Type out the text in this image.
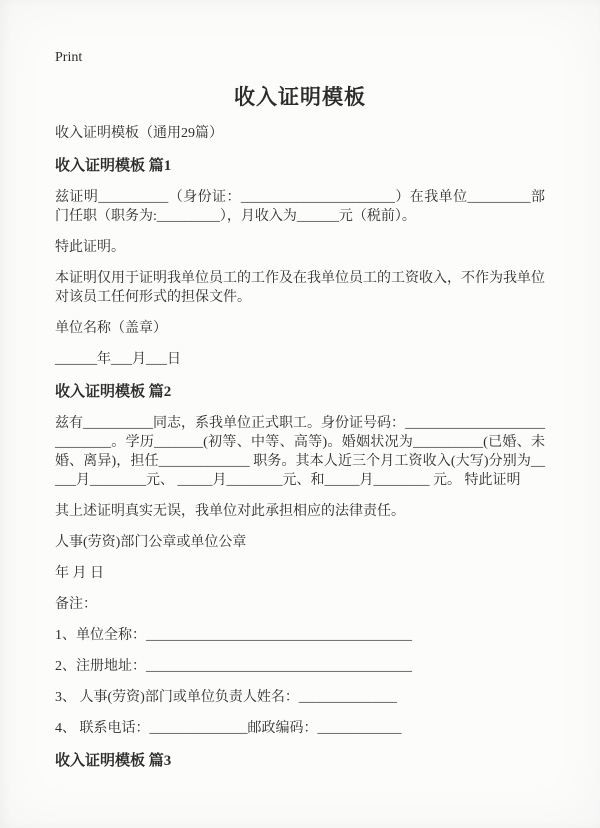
Print
收入证明模板

收入证明模板（通用29篇）

收入证明模板 篇1

兹证明__________（身份证：______________________）在我单位_________部门任职（职务为:_________），月收入为______元（税前）。

特此证明。

本证明仅用于证明我单位员工的工作及在我单位员工的工资收入，不作为我单位对该员工任何形式的担保文件。

单位名称（盖章）

______年___月___日

收入证明模板 篇2

兹有__________同志，系我单位正式职工。身份证号码：____________________________。学历_______(初等、中等、高等)。婚姻状况为__________(已婚、未婚、离异)，担任_____________ 职务。其本人近三个月工资收入(大写)分别为_____月________元、 _____月________元、和_____月________ 元。 特此证明

其上述证明真实无误，我单位对此承担相应的法律责任。

人事(劳资)部门公章或单位公章

年 月 日

备注：

1、单位全称：______________________________________

2、注册地址：______________________________________

3、 人事(劳资)部门或单位负责人姓名：______________

4、 联系电话：______________邮政编码：____________

收入证明模板 篇3
